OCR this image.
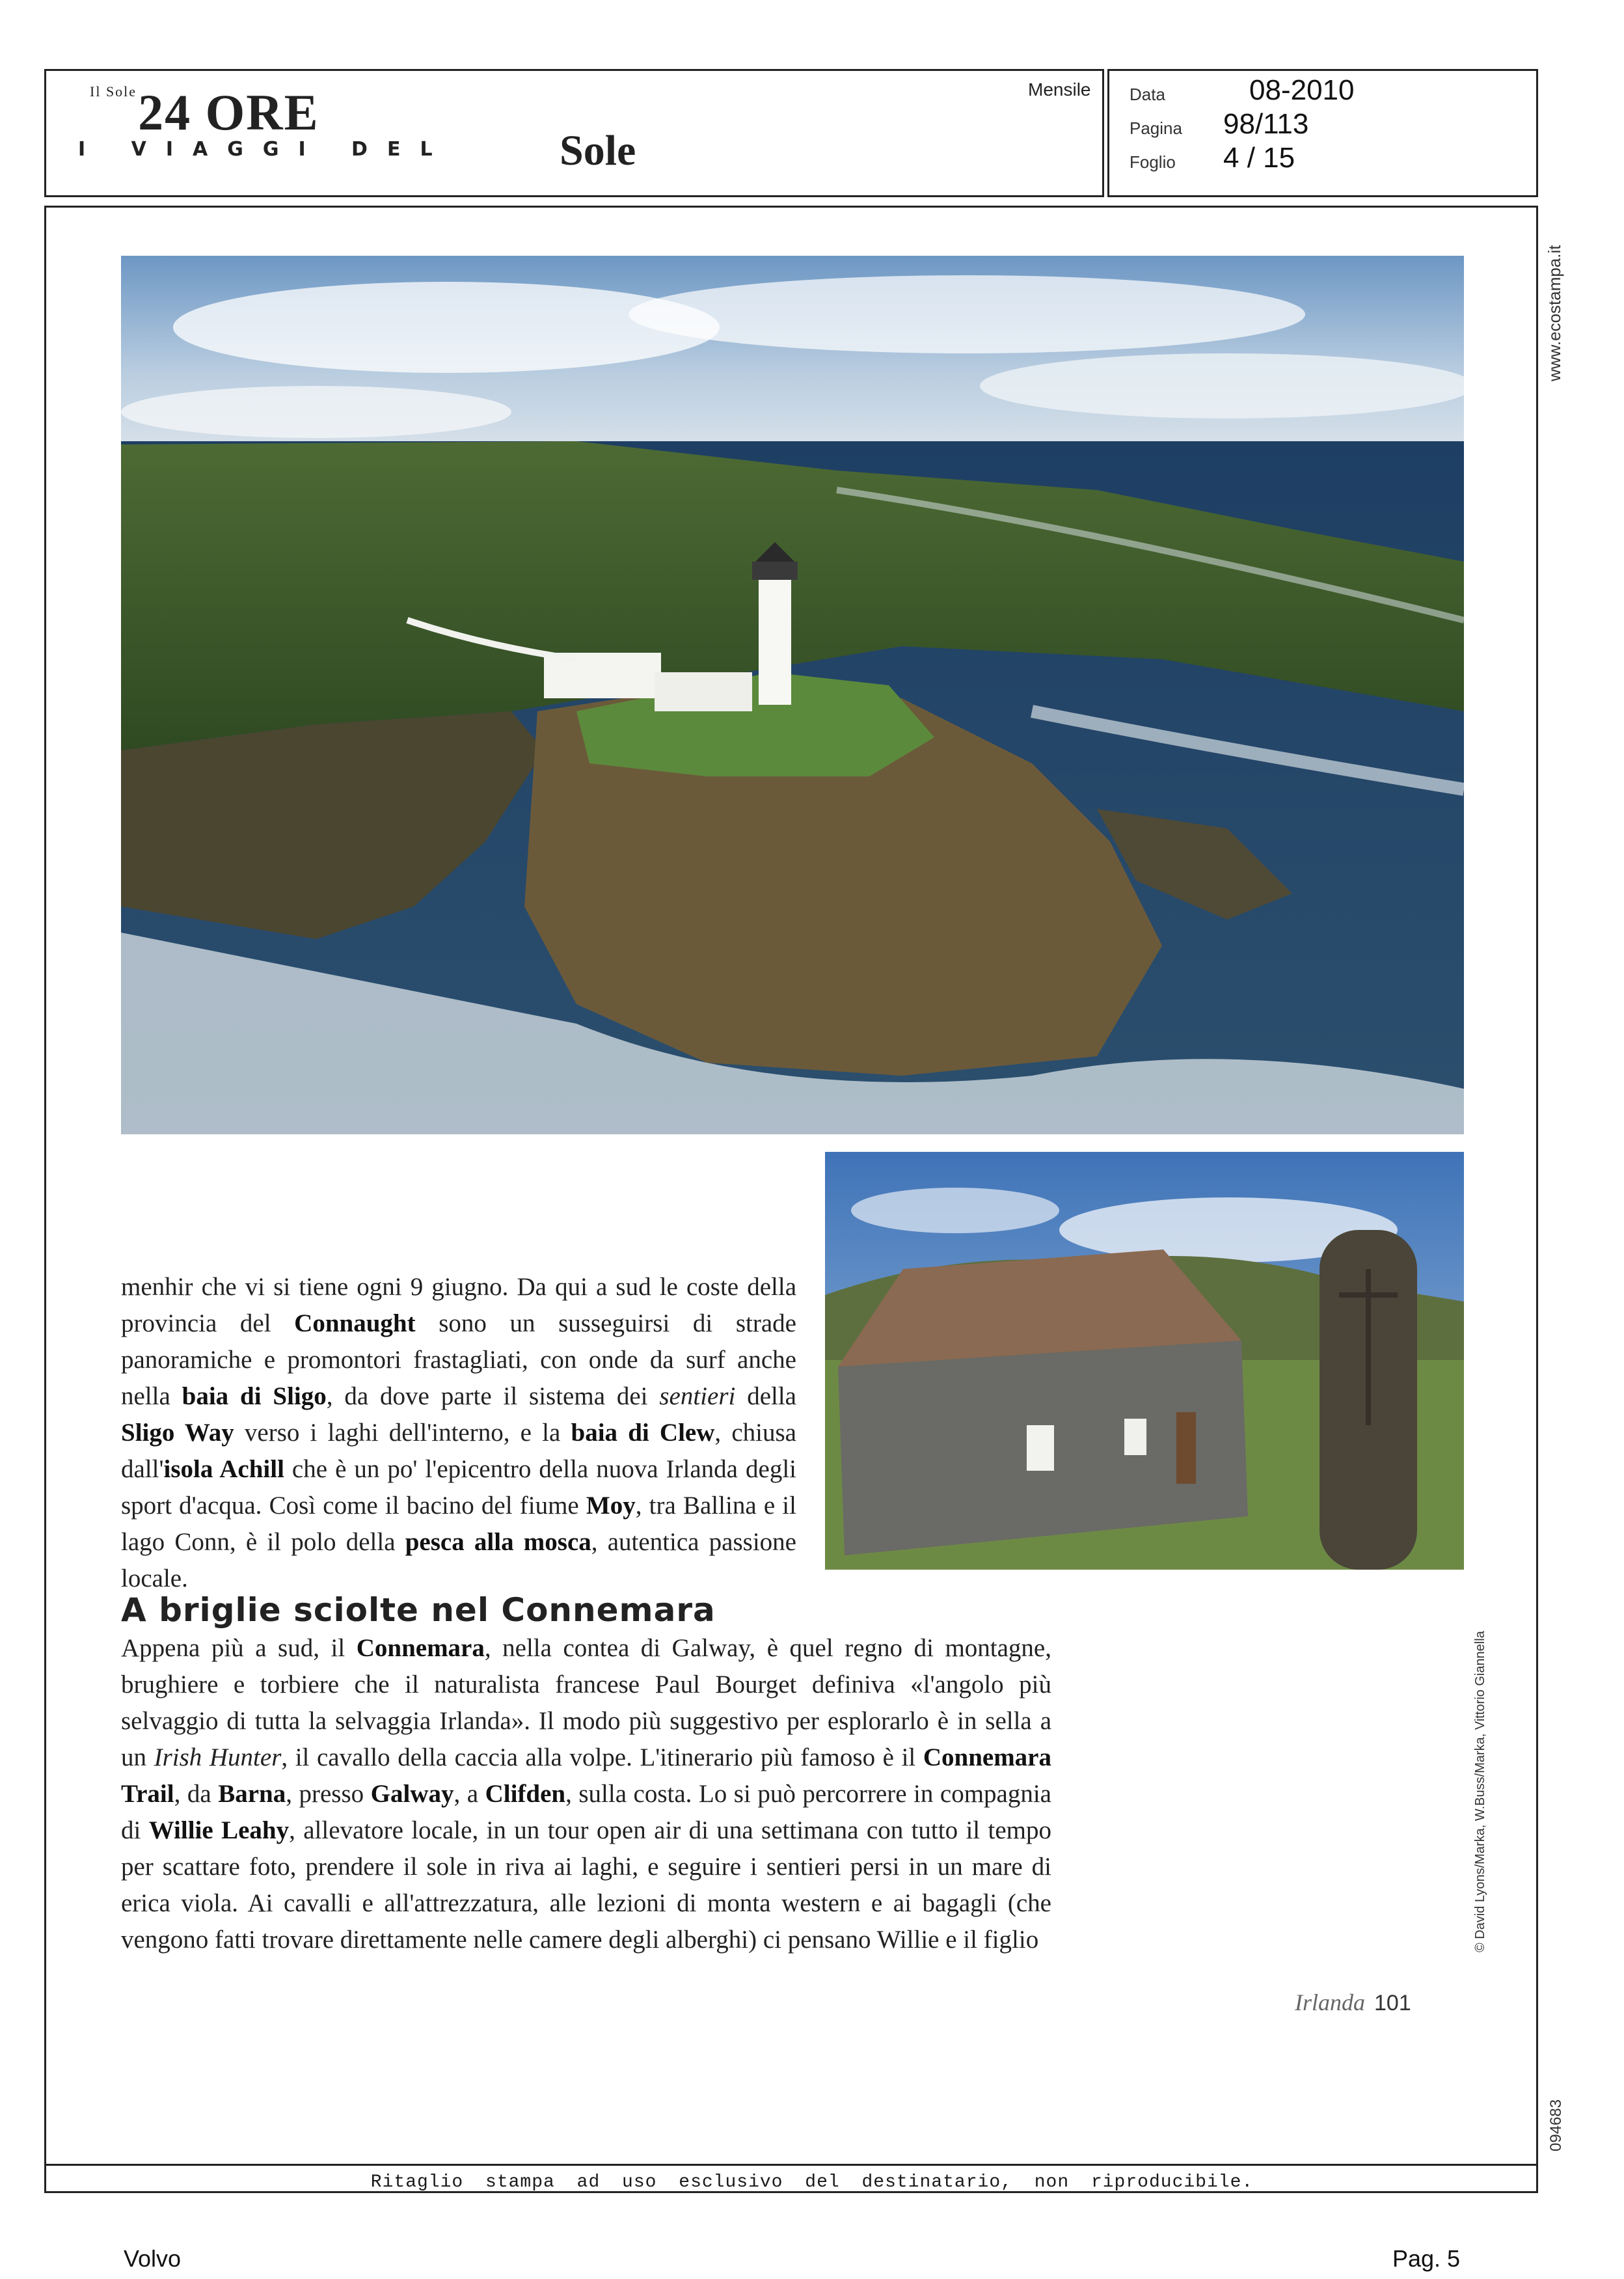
$^{Il Sole}$24 ORE
I VIAGGI DEL	Sole
Mensile Data	08-2010
Pagina 98/113
Foglio 4 / 15
www.ecostampa.it
© David Lyons/Marka, W.Buss/Marka, Vittorio Giannella
094683
menhir che vi si tiene ogni 9 giugno. Da qui a sud le coste della provincia del Connaught sono un susseguirsi di strade panoramiche e promontori frastagliati, con onde da surf anche nella baia di Sligo, da dove parte il sistema dei sentieri della Sligo Way verso i laghi dell'interno, e la baia di Clew, chiusa dall'isola Achill che è un po' l'epicentro della nuova Irlanda degli sport d'acqua. Così come il bacino del fiume Moy, tra Ballina e il lago Conn, è il polo della pesca alla mosca, autentica passione locale.
A briglie sciolte nel Connemara
Appena più a sud, il Connemara, nella contea di Galway, è quel regno di montagne, brughiere e torbiere che il naturalista francese Paul Bourget definiva «l'angolo più selvaggio di tutta la selvaggia Irlanda». Il modo più suggestivo per esplorarlo è in sella a un Irish Hunter, il cavallo della caccia alla volpe. L'itinerario più famoso è il Connemara Trail, da Barna, presso Galway, a Clifden, sulla costa. Lo si può percorrere in compagnia di Willie Leahy, allevatore locale, in un tour open air di una settimana con tutto il tempo per scattare foto, prendere il sole in riva ai laghi, e seguire i sentieri persi in un mare di erica viola. Ai cavalli e all'attrezzatura, alle lezioni di monta western e ai bagagli (che vengono fatti trovare direttamente nelle camere degli alberghi) ci pensano Willie e il figlio
Irlanda 101
Ritaglio stampa ad uso esclusivo del destinatario, non riproducibile.
Volvo	Pag. 5
